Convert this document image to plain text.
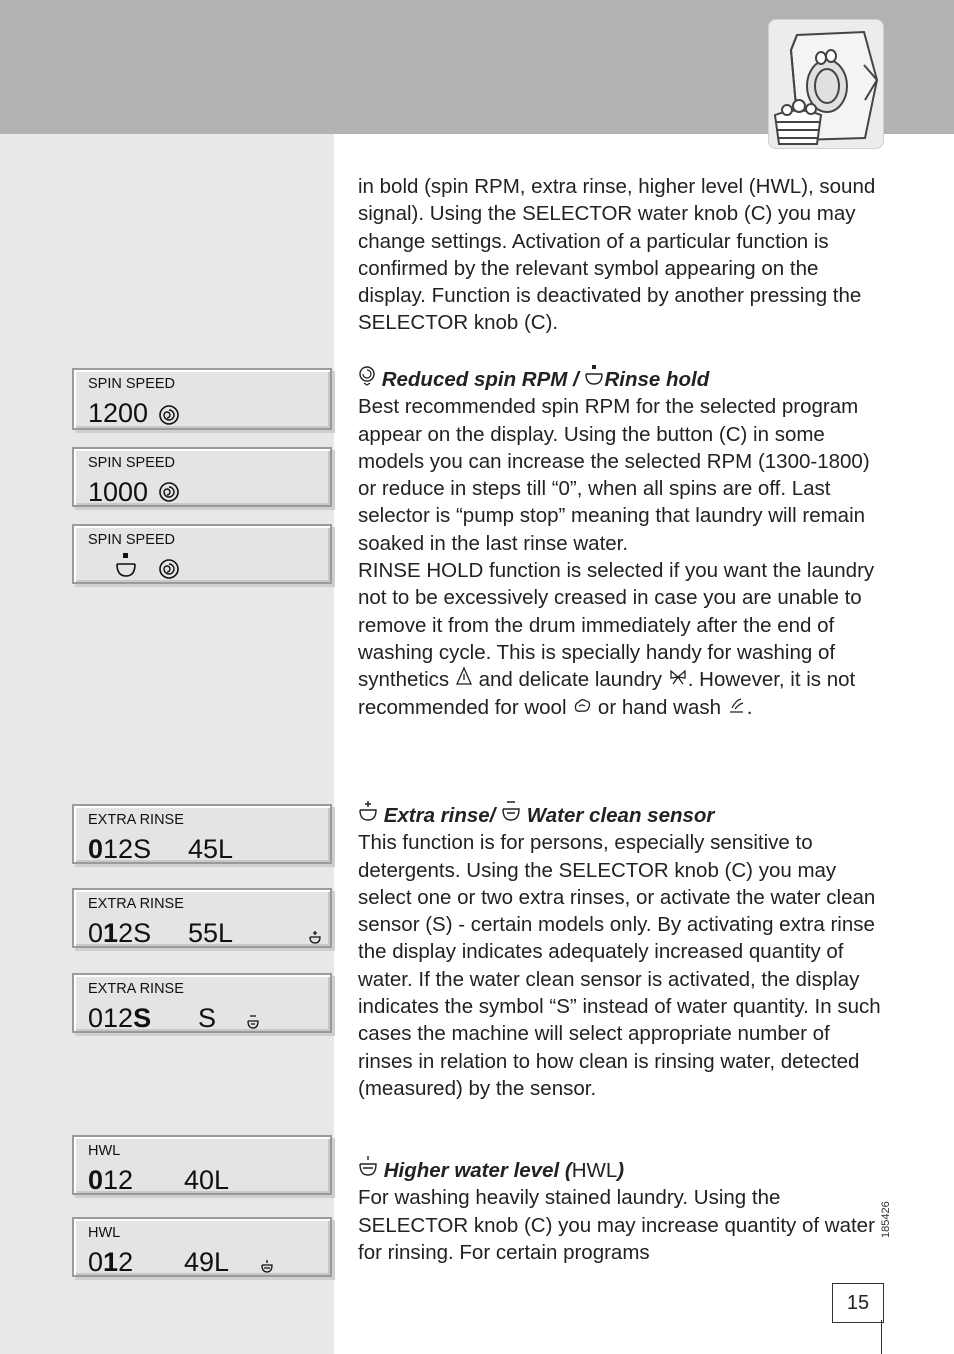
SPIN SPEED
1200
SPIN SPEED
1000
SPIN SPEED
EXTRA RINSE
012S 45L
EXTRA RINSE
012S 55L
EXTRA RINSE
012S S
HWL
012 40L
HWL
012 49L

in bold (spin RPM, extra rinse, higher level (HWL), sound signal). Using the SELECTOR water knob (C) you may change settings. Activation of a particular function is confirmed by the relevant symbol appearing on the display. Function is deactivated by another pressing the SELECTOR knob (C).

Reduced spin RPM / Rinse hold

Best recommended spin RPM for the selected program appear on the display. Using the button (C) in some models you can increase the selected RPM (1300-1800) or reduce in steps till “0”, when all spins are off. Last selector is “pump stop” meaning that laundry will remain soaked in the last rinse water.

RINSE HOLD function is selected if you want the laundry not to be excessively creased in case you are unable to remove it from the drum immediately after the end of washing cycle. This is specially handy for washing of synthetics and delicate laundry . However, it is not recommended for wool or hand wash .

Extra rinse/ Water clean sensor

This function is for persons, especially sensitive to detergents. Using the SELECTOR knob (C) you may select one or two extra rinses, or activate the water clean sensor (S) - certain models only. By activating extra rinse the display indicates adequately increased quantity of water. If the water clean sensor is activated, the display indicates the symbol “S” instead of water quantity. In such cases the machine will select appropriate number of rinses in relation to how clean is rinsing water, detected (measured) by the sensor.

Higher water level (HWL)

For washing heavily stained laundry. Using the SELECTOR knob (C) you may increase quantity of water for rinsing. For certain programs

185426
15
